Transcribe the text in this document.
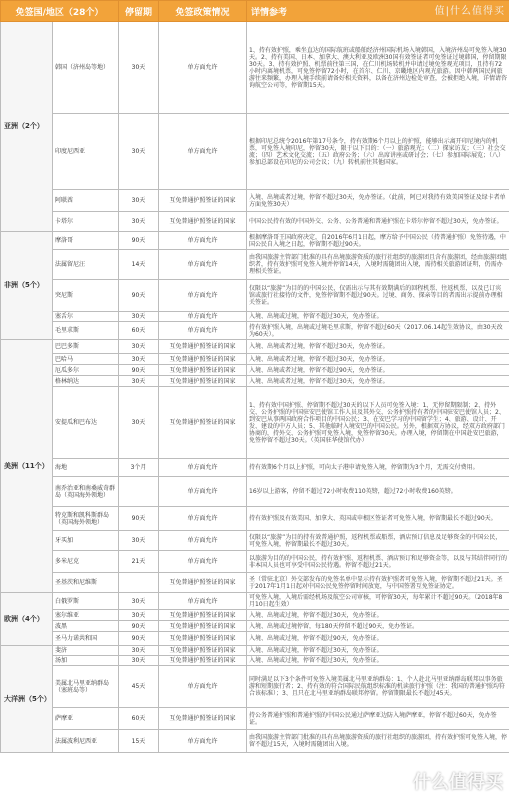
值|什么值得买
免签国/地区（28个）		停留期	免签政策情况	详情参考
亚洲（2个）	韩国（济州岛等地）	30天	单方面允许	1、持有效护照，乘坐直达的国际航班或船舶经济州国际机场入境韩国，入境济州岛可免签入境30天。2、持有美国、日本、加拿大、澳大利亚及欧洲30国有效签证者可免签证过境韩国，停留期限30天。3、持有效护照、机票前往第三国，在仁川机场转机并申请过境免签观光项目，且持有72小时内离境机票，可免签停留72小时，在首尔、仁川、京畿地区内观光旅游。因中韩两国民间旅游往来频繁，办理入境手续前请备好相关资料，以备在济州边检处审查，会被拒绝入境，详情请咨询航空公司等，停留期15天。
	印度尼西亚	30天	单方面允许	根据印尼总统令2016年第17号条令，持有效期6个月以上的护照，能够出示离开印尼境内的机票，可免签入境印尼，停留30天，限于以下目的：（一）旅游观光；（二）探家访友；（三）社会交流；（四）艺术文化交流；（五）政府公务；（六）出席讲座或研讨会；（七）参加国际展览；（八）参加总部设在印尼的公司会议；（九）转机前往其他国家。
	阿联酋	30天	互免普通护照签证的国家	入境、出境或者过境，停留不超过30天，免办签证。（此前，阿已对我持有效美国签证及绿卡者单方面免签30天）
	卡塔尔	30天	互免普通护照签证的国家	中国公民持有效的中国外交、公务、公务普通和普通护照在卡塔尔停留不超过30天，免办签证。
非洲（5个）	摩洛哥	90天	单方面允许	根据摩洛哥王国政府决定，自2016年6月1日起，摩方给予中国公民（持普通护照）免签待遇，中国公民自入境之日起，停留期不超过90天。
	法属留尼汪	14天	单方面允许	由我国旅游主管部门批准的具有出境旅游资质的旅行社组织的旅游团且含有旅游团，经由旅游团组织者，持有效护照可免签入境并停留14天，入境时需随团出入境，需持相关旅游团证明，仍需办理相关签证。
	突尼斯	90天	单方面允许	仅限以“旅游”为目的的中国公民，仅需出示与其有效期满后的回程机票、往返机票，以及已订宾馆或旅行社接待的文件，免签停留期不超过90天。过境、商务、探亲等目的者需出示提前办理相关签证。
	塞舌尔	30天	单方面允许	入境、出境或过境，停留不超过30天，免办签证。
	毛里求斯	60天	单方面允许	持有效护照入境，出境或过境毛里求斯，停留不超过60天（2017.06.14起生效协议，由30天改为60天）。
美洲（11个）	巴巴多斯	30天	互免普通护照签证的国家	入境、出境或者过境，停留不超过30天，免办签证。
	巴哈马	30天	互免普通护照签证的国家	入境、出境或者过境，停留不超过30天，免办签证。
	厄瓜多尔	90天	互免普通护照签证的国家	入境、出境或者过境，停留不超过90天，免办签证。
	格林纳达	30天	互免普通护照签证的国家	入境、出境或者过境，停留不超过30天，免办签证。
	安提瓜和巴布达	30天	互免普通护照签证的国家	1、持有效中国护照、停留期不超过30天的以下人员可免签入境：1、无停留期限制；2、持外交、公务护照的中国驻安巴使馆工作人员及其外交、公务护照持有者的中国驻安巴使馆人员；2、到安巴从事两国政府合作项目的中国公民；3、在安巴学习的中国留学生；4、旅游、设计、开发、建设的中方人员；5、其他临时入境安巴的中国公民。另外，根据双方协议，经双方政府部门协商的，持外交、公务护照可免签入境，免签停留30天。办理入境，停留期在中国赴安巴旅游，免签停留不超过30天。（英国驻华使馆代办）
	海地	3个月	单方面允许	持有效期6个月以上护照，可向太子港申请免签入境，停留期为3个月，无需交付费用。
	南乔治亚和南桑威奇群岛（英国海外领地）		单方面允许	16岁以上游客，停留不超过72小时收费110英镑，超过72小时收费160英镑。
	特克斯和凯科斯群岛（英国海外领地）	90天	单方面允许	持有效护照及有效美国、加拿大、英国或申根区签证者可免签入境，停留期最长不超过90天。
	牙买加	30天	单方面允许	仅限以“旅游”为目的持有效普通护照，返程机票或船票，酒店预订信息及足够资金的中国公民，可免签入境，停留期最长不超过30天。
	多米尼克	21天	单方面允许	以旅游为目的的中国公民，持有效护照、返程机票、酒店预订和足够资金等，以及与其结伴同行的非本国人员也可享受中国公民待遇。停留不超过21天。
	圣基茨和尼维斯		互免普通护照签证的国家	圣（常驻北京）外交部发布的免签名单中显示持有效护照者可免签入境，停留期不超过21天。圣于2017年1月1日起对中国公民免签停留时间放宽，与中国签署互免签证协定。
欧洲（4个）	白俄罗斯	30天	单方面允许	可免签入境，入境后需经机场及航空公司审核，可停留30天，每年累计不超过90天。（2018年8月10日起生效）
	塞尔维亚	30天	互免普通护照签证的国家	入境、出境或过境，停留不超过30天，免办签证。
	波黑	90天	互免普通护照签证的国家	入境、出境或过境停留，每180天停留不超过90天，免办签证。
	圣马力诺共和国	90天	互免普通护照签证的国家	入境、出境或过境，停留不超过90天，免办签证。
大洋洲（5个）	斐济	30天	互免普通护照签证的国家	入境、出境或过境，停留不超过30天，免办签证。
	汤加	30天	互免普通护照签证的国家	入境、出境或过境，停留不超过30天，免办签证。
	美属北马里亚纳群岛（塞班岛等）	45天	单方面允许	同时满足以下3个条件可免签入境美属北马里亚纳群岛：1、个人赴北马里亚纳群岛联邦以事务旅游和短期旅行者；2、持有效的符合国际民航组织标准的机读旅行护照（注：我国的普通护照均符合该标准）；3、且只在北马里亚纳群岛联邦停留。停留期限最长不超过45天。
	萨摩亚	60天	互免普通护照签证的国家	持公务普通护照和普通护照的中国公民通过萨摩亚边防入境萨摩亚，停留不超过60天，免办签证。
	法属波利尼西亚	15天	单方面允许	由我国旅游主管部门批准的具有出境旅游资质的旅行社组织的旅游团，持有效护照可免签入境，停留不超过15天，入境时需随团出入境。
什么值得买
